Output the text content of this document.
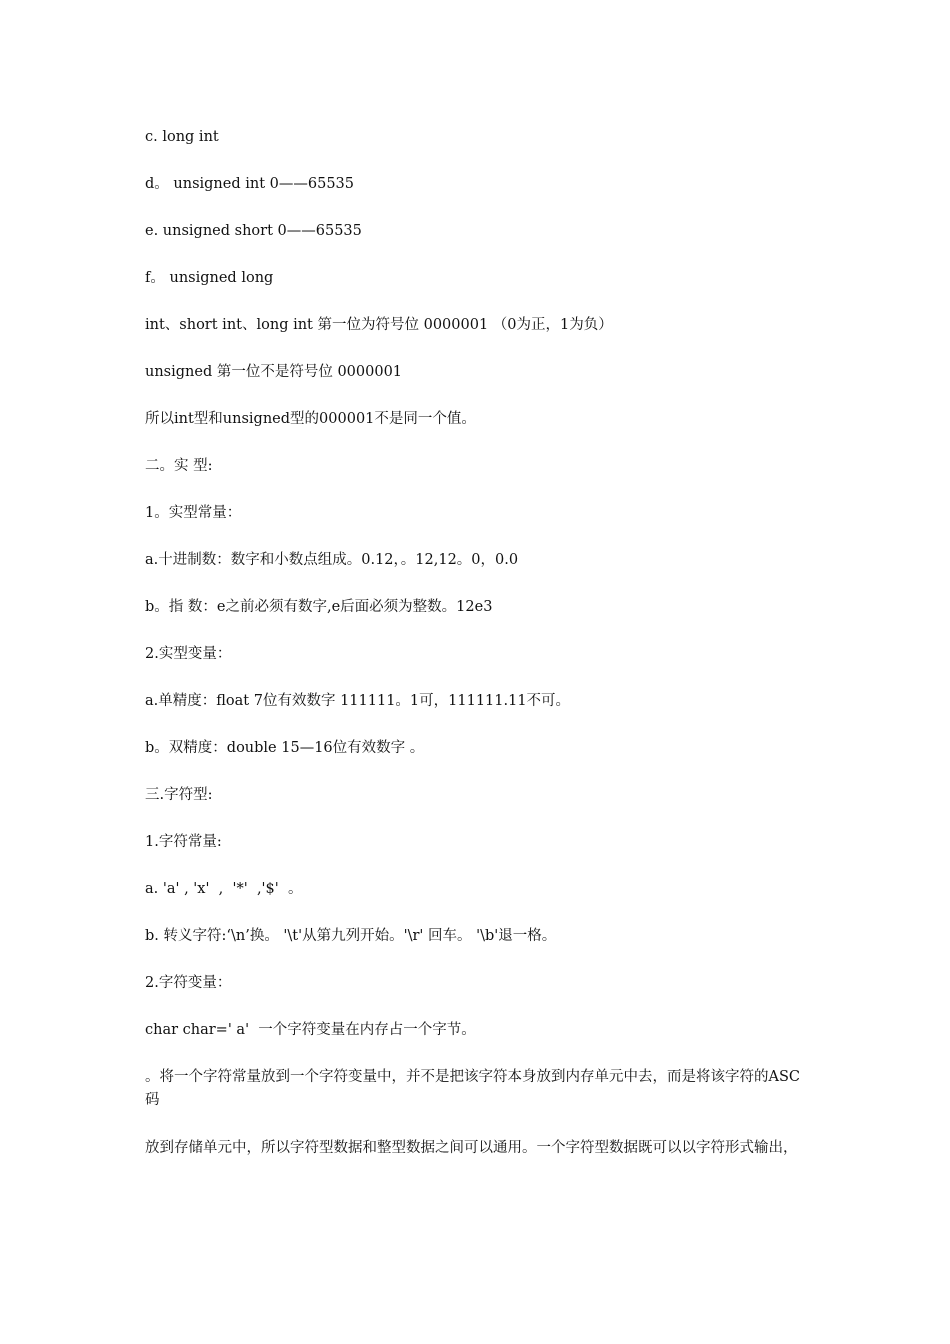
c. long int
d。 unsigned int 0——65535
e. unsigned short 0——65535
f。 unsigned long
int、short int、long int 第一位为符号位 0000001 （0为正，1为负）
unsigned 第一位不是符号位 0000001
所以int型和unsigned型的000001不是同一个值。
二。实 型:
1。实型常量：
a.十进制数：数字和小数点组成。0.12，。12,12。0，0.0
b。指 数：e之前必须有数字,e后面必须为整数。12e3
2.实型变量：
a.单精度：float 7位有效数字 111111。1可，111111.11不可。
b。双精度：double 15—16位有效数字 。
三.字符型:
1.字符常量:
a. 'a' , 'x'  ,  '*'  ,'$'  。
b. 转义字符:‘\n’换。 '\t'从第九列开始。'\r' 回车。 '\b'退一格。
2.字符变量：
char char=' a'  一个字符变量在内存占一个字节。
。将一个字符常量放到一个字符变量中，并不是把该字符本身放到内存单元中去，而是将该字符的ASC码
放到存储单元中，所以字符型数据和整型数据之间可以通用。一个字符型数据既可以以字符形式输出，
